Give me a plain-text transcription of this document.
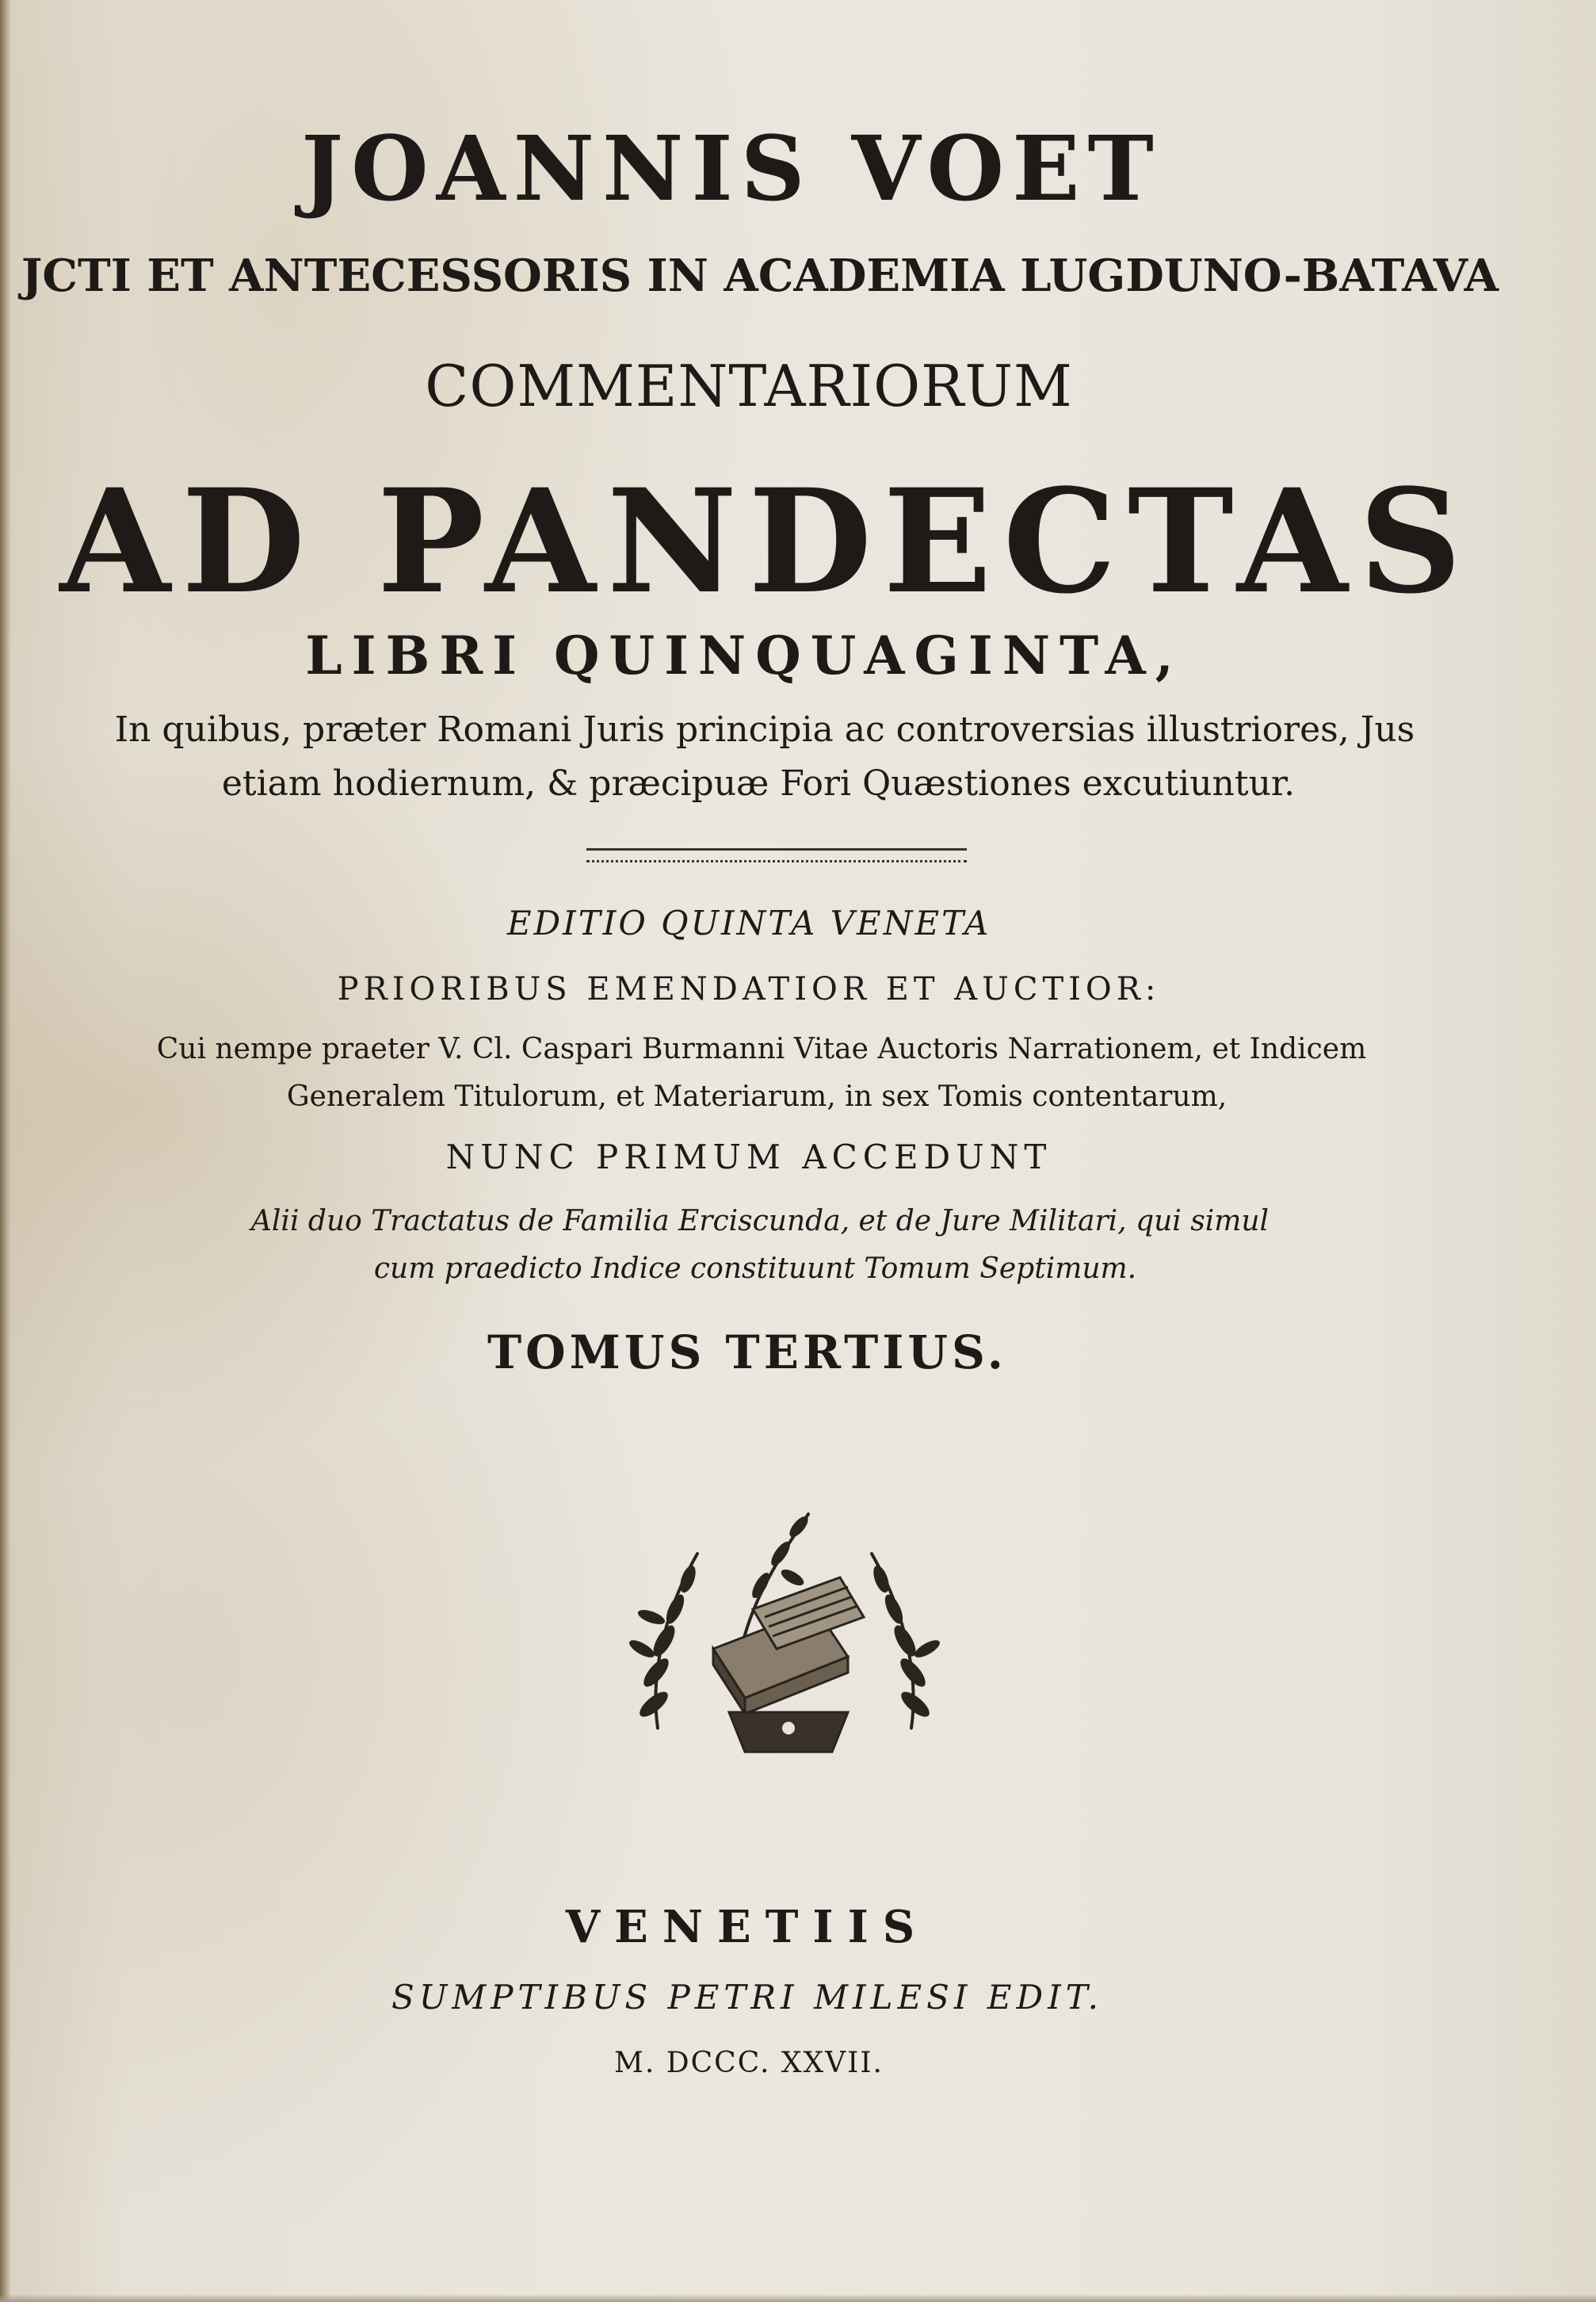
JOANNIS VOET
JCTI ET ANTECESSORIS IN ACADEMIA LUGDUNO-BATAVA
COMMENTARIORUM
AD PANDECTAS
LIBRI QUINQUAGINTA,
In quibus, præter Romani Juris principia ac controversias illustriores, Jus
etiam hodiernum, & præcipuæ Fori Quæstiones excutiuntur.
EDITIO QUINTA VENETA
PRIORIBUS EMENDATIOR ET AUCTIOR:
Cui nempe praeter V. Cl. Caspari Burmanni Vitae Auctoris Narrationem, et Indicem
Generalem Titulorum, et Materiarum, in sex Tomis contentarum,
NUNC PRIMUM ACCEDUNT
Alii duo Tractatus de Familia Erciscunda, et de Jure Militari, qui simul
cum praedicto Indice constituunt Tomum Septimum.
TOMUS TERTIUS.
VENETIIS
SUMPTIBUS PETRI MILESI EDIT.
M. DCCC. XXVII.
